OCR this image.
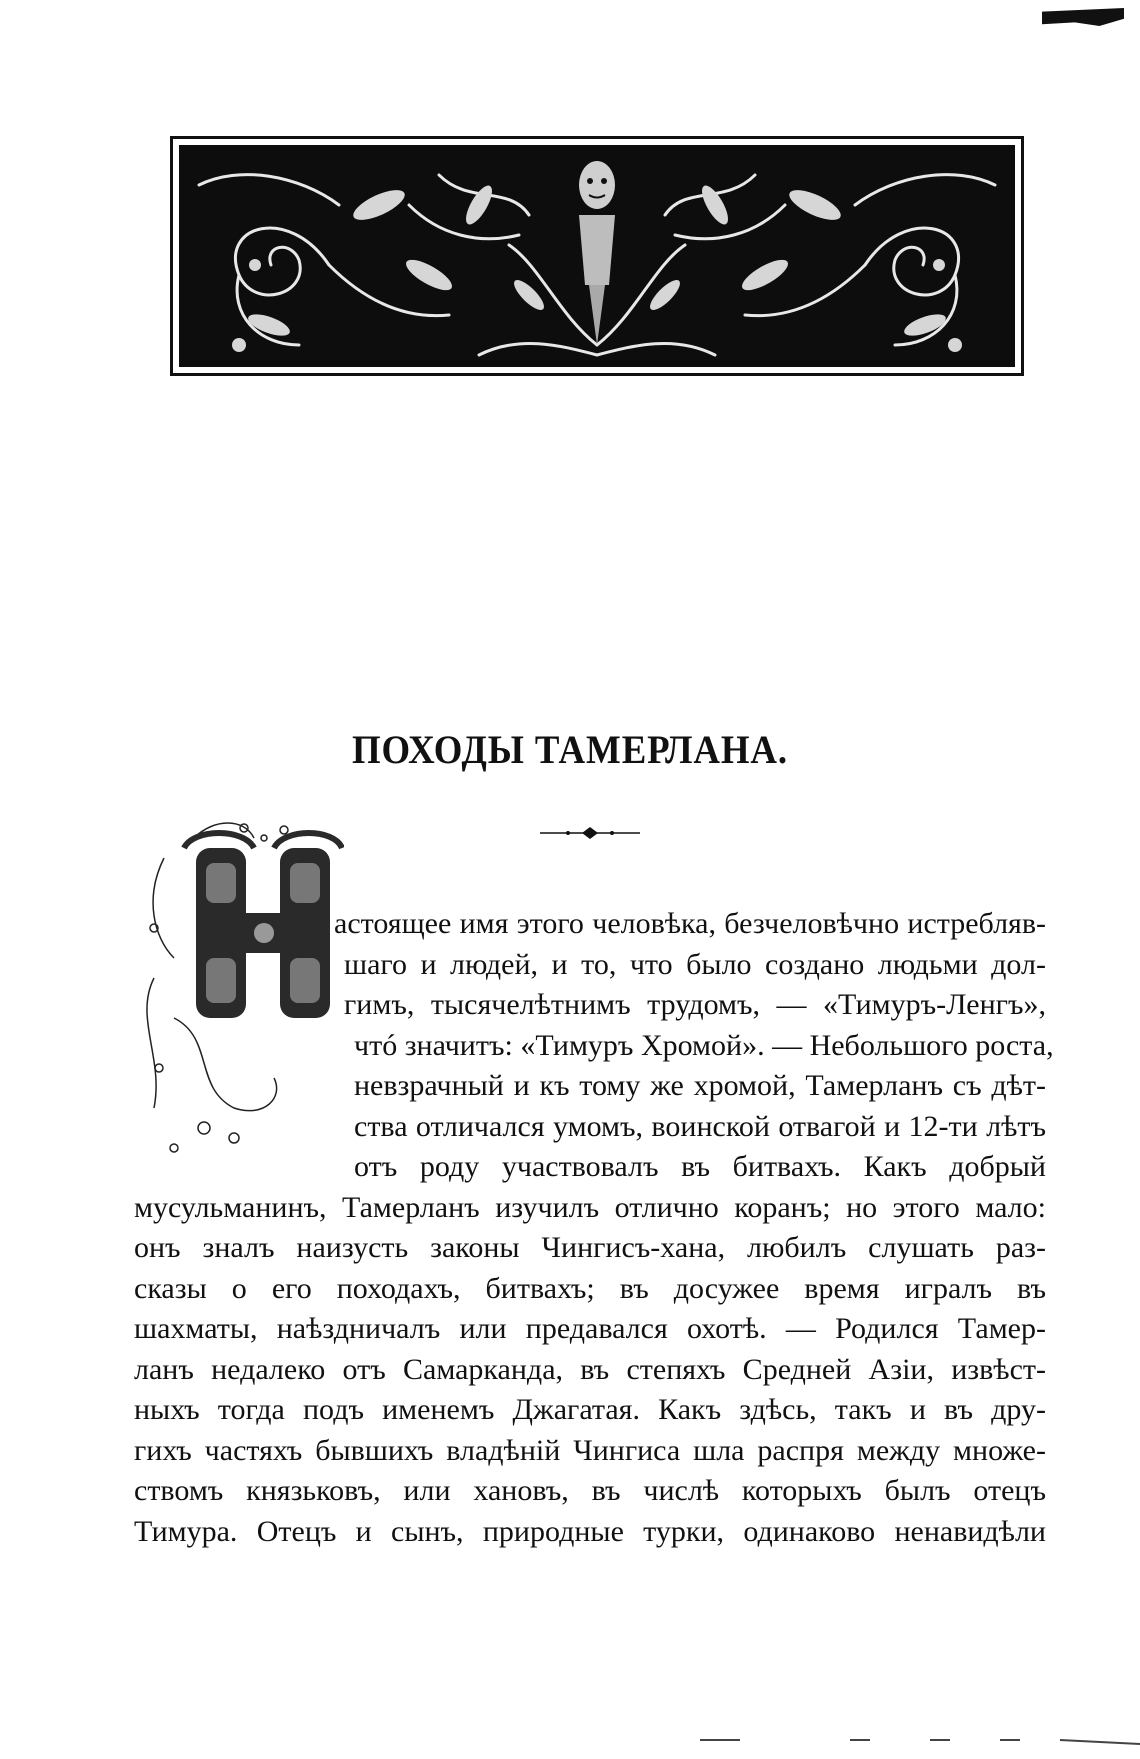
ПОХОДЫ ТАМЕРЛАНА.
астоящее имя этого человѣка, безчеловѣчно истребляв-
шаго и людей, и то, что было создано людьми дол-
гимъ, тысячелѣтнимъ трудомъ, — «Тимуръ-Ленгъ»,
чтó значитъ: «Тимуръ Хромой». — Небольшого роста,
невзрачный и къ тому же хромой, Тамерланъ съ дѣт-
ства отличался умомъ, воинской отвагой и 12-ти лѣтъ
отъ роду участвовалъ въ битвахъ. Какъ добрый
мусульманинъ, Тамерланъ изучилъ отлично коранъ; но этого мало:
онъ зналъ наизусть законы Чингисъ-хана, любилъ слушать раз-
сказы о его походахъ, битвахъ; въ досужее время игралъ въ
шахматы, наѣздничалъ или предавался охотѣ. — Родился Тамер-
ланъ недалеко отъ Самарканда, въ степяхъ Средней Азіи, извѣст-
ныхъ тогда подъ именемъ Джагатая. Какъ здѣсь, такъ и въ дру-
гихъ частяхъ бывшихъ владѣній Чингиса шла распря между множе-
ствомъ князьковъ, или хановъ, въ числѣ которыхъ былъ отецъ
Тимура. Отецъ и сынъ, природные турки, одинаково ненавидѣли
